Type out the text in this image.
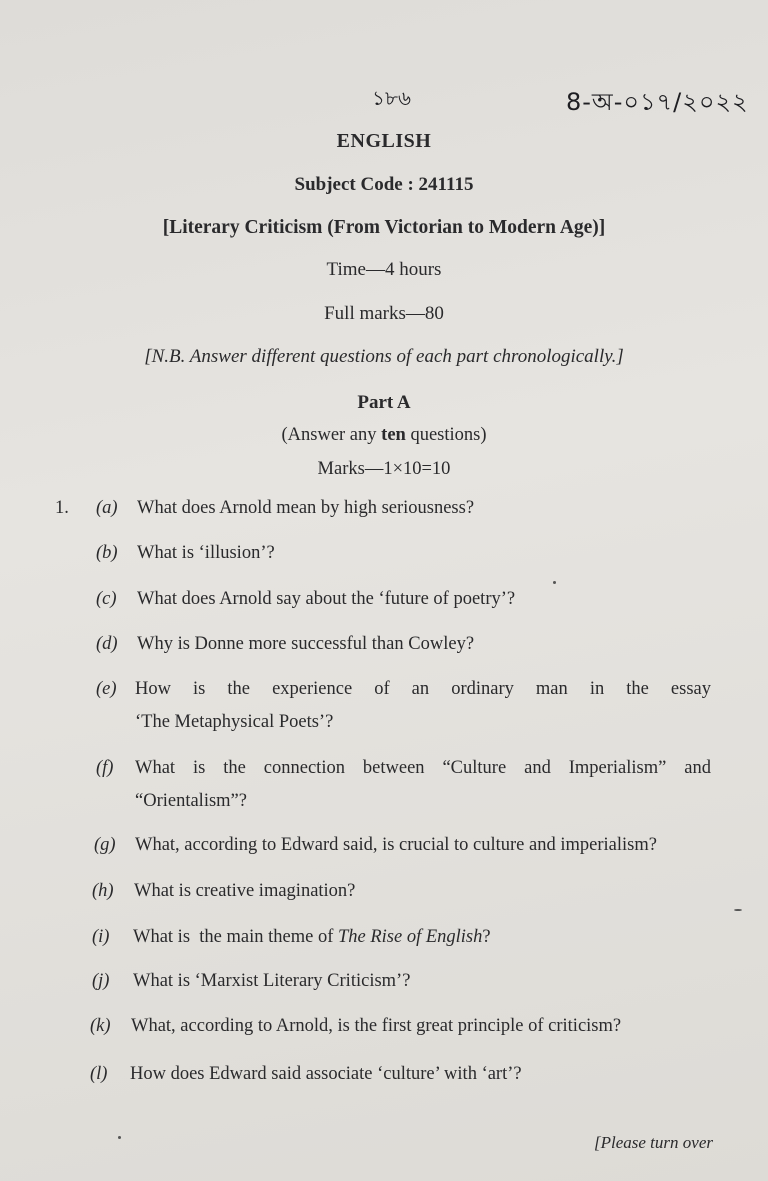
১৮৬	8-অ-০১৭/২০২২
ENGLISH
Subject Code : 241115
[Literary Criticism (From Victorian to Modern Age)]
Time—4 hours
Full marks—80
[N.B. Answer different questions of each part chronologically.]
Part A
(Answer any ten questions)
Marks—1×10=10
1. (a)	What does Arnold mean by high seriousness?
(b)	What is ‘illusion’?
(c)	What does Arnold say about the ‘future of poetry’?
(d)	Why is Donne more successful than Cowley?
(e) How is the experience of an ordinary man in the essay
‘The Metaphysical Poets’?
(f)	What is the connection between “Culture and Imperialism” and
“Orientalism”?
(g)	What, according to Edward said, is crucial to culture and imperialism?
(h)	What is creative imagination?
(i)	What is  the main theme of The Rise of English?
(j)	What is ‘Marxist Literary Criticism’?
(k)	What, according to Arnold, is the first great principle of criticism?
(l)	How does Edward said associate ‘culture’ with ‘art’?
[Please turn over
